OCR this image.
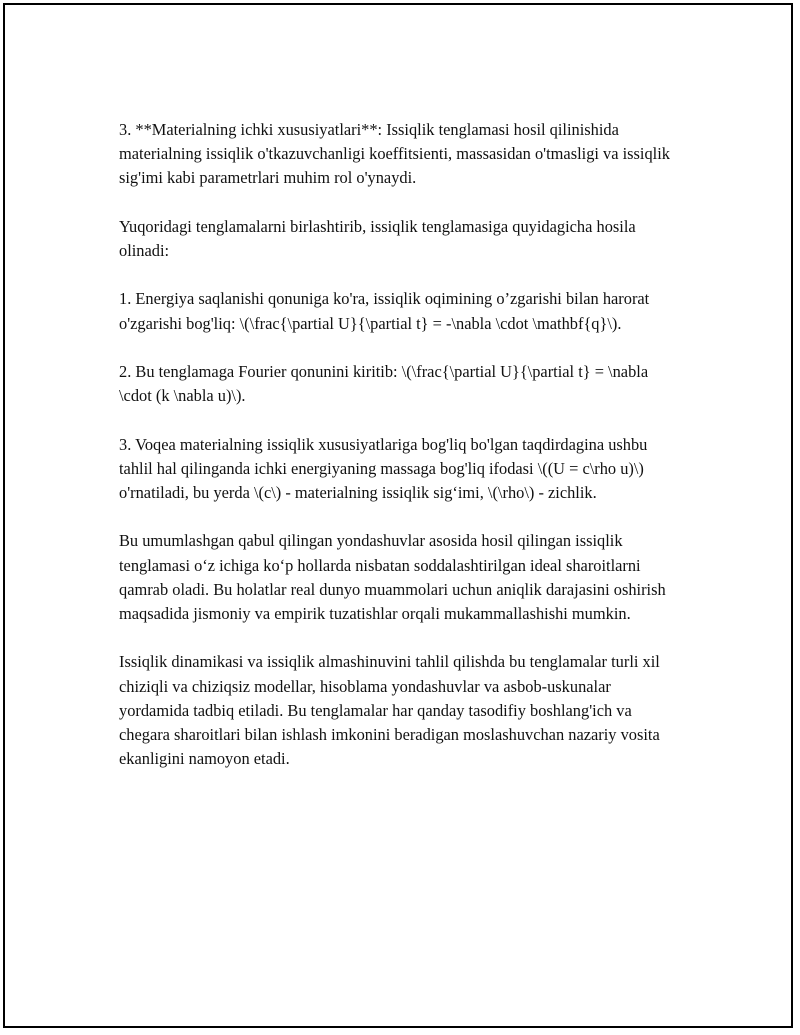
3. **Materialning ichki xususiyatlari**: Issiqlik tenglamasi hosil qilinishida materialning issiqlik o'tkazuvchanligi koeffitsienti, massasidan o'tmasligi va issiqlik sig'imi kabi parametrlari muhim rol o'ynaydi.

Yuqoridagi tenglamalarni birlashtirib, issiqlik tenglamasiga quyidagicha hosila olinadi:

1. Energiya saqlanishi qonuniga ko'ra, issiqlik oqimining o’zgarishi bilan harorat o'zgarishi bog'liq: \(\frac{\partial U}{\partial t} = -\nabla \cdot \mathbf{q}\).

2. Bu tenglamaga Fourier qonunini kiritib: \(\frac{\partial U}{\partial t} = \nabla \cdot (k \nabla u)\).

3. Voqea materialning issiqlik xususiyatlariga bog'liq bo'lgan taqdirdagina ushbu tahlil hal qilinganda ichki energiyaning massaga bog'liq ifodasi \((U = c\rho u)\) o'rnatiladi, bu yerda \(c\) - materialning issiqlik sig‘imi, \(\rho\) - zichlik.

Bu umumlashgan qabul qilingan yondashuvlar asosida hosil qilingan issiqlik tenglamasi o‘z ichiga ko‘p hollarda nisbatan soddalashtirilgan ideal sharoitlarni qamrab oladi. Bu holatlar real dunyo muammolari uchun aniqlik darajasini oshirish maqsadida jismoniy va empirik tuzatishlar orqali mukammallashishi mumkin.

Issiqlik dinamikasi va issiqlik almashinuvini tahlil qilishda bu tenglamalar turli xil chiziqli va chiziqsiz modellar, hisoblama yondashuvlar va asbob-uskunalar yordamida tadbiq etiladi. Bu tenglamalar har qanday tasodifiy boshlang'ich va chegara sharoitlari bilan ishlash imkonini beradigan moslashuvchan nazariy vosita ekanligini namoyon etadi.
